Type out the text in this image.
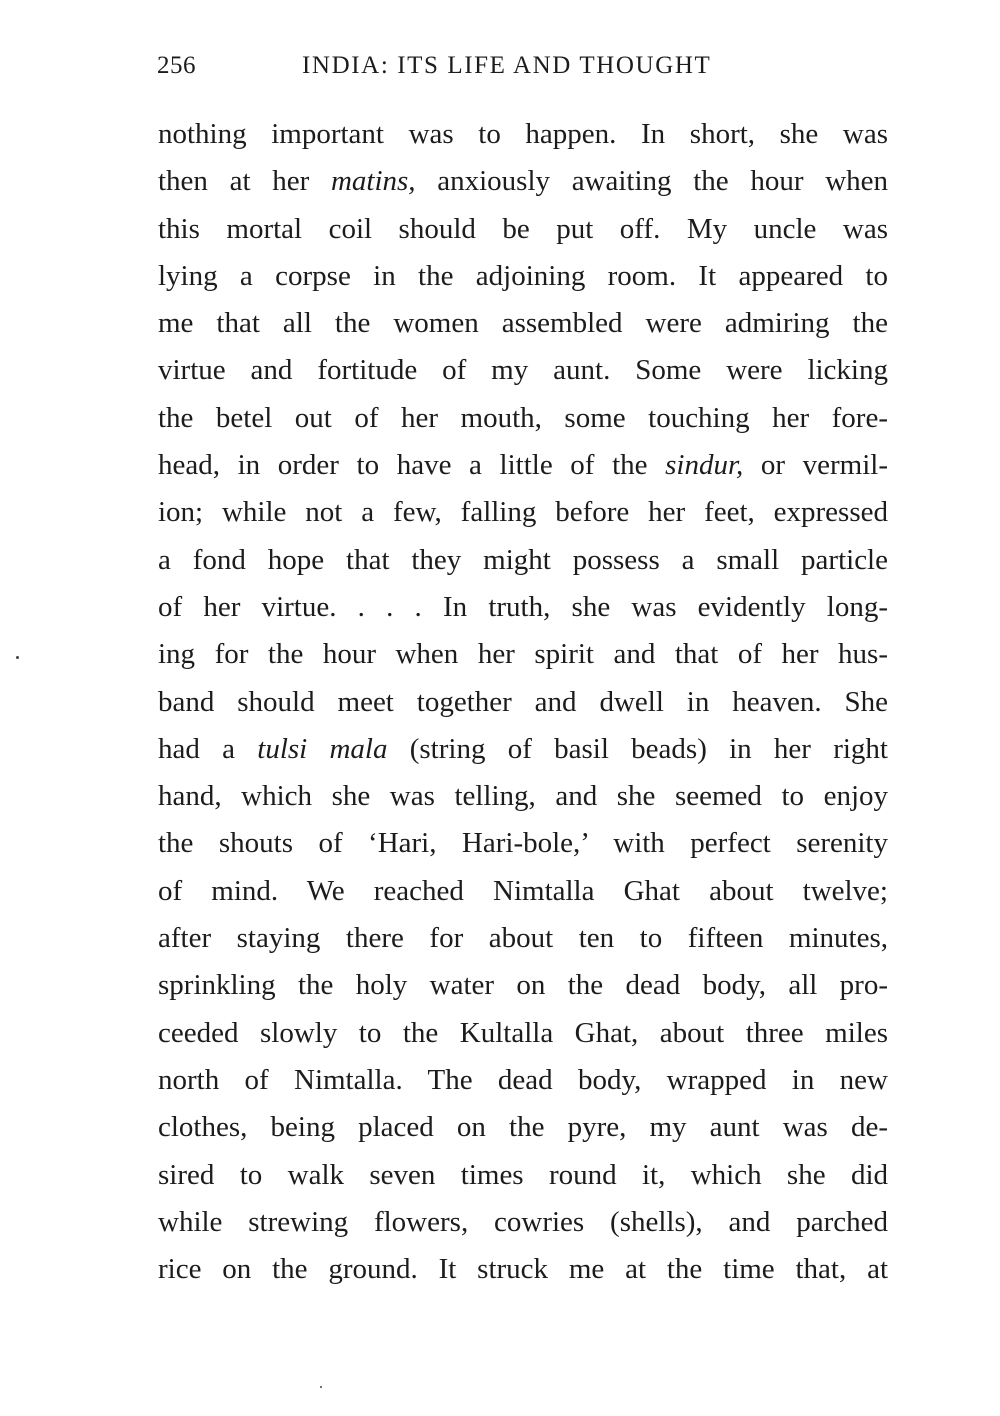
256	INDIA: ITS LIFE AND THOUGHT
nothing important was to happen. In short, she was
then at her matins, anxiously awaiting the hour when
this mortal coil should be put off. My uncle was
lying a corpse in the adjoining room. It appeared to
me that all the women assembled were admiring the
virtue and fortitude of my aunt. Some were licking
the betel out of her mouth, some touching her fore-
head, in order to have a little of the sindur, or vermil-
ion; while not a few, falling before her feet, expressed
a fond hope that they might possess a small particle
of her virtue. . . . In truth, she was evidently long-
ing for the hour when her spirit and that of her hus-
band should meet together and dwell in heaven. She
had a tulsi mala (string of basil beads) in her right
hand, which she was telling, and she seemed to enjoy
the shouts of ‘Hari, Hari-bole,’ with perfect serenity
of mind. We reached Nimtalla Ghat about twelve;
after staying there for about ten to fifteen minutes,
sprinkling the holy water on the dead body, all pro-
ceeded slowly to the Kultalla Ghat, about three miles
north of Nimtalla. The dead body, wrapped in new
clothes, being placed on the pyre, my aunt was de-
sired to walk seven times round it, which she did
while strewing flowers, cowries (shells), and parched
rice on the ground. It struck me at the time that, at
